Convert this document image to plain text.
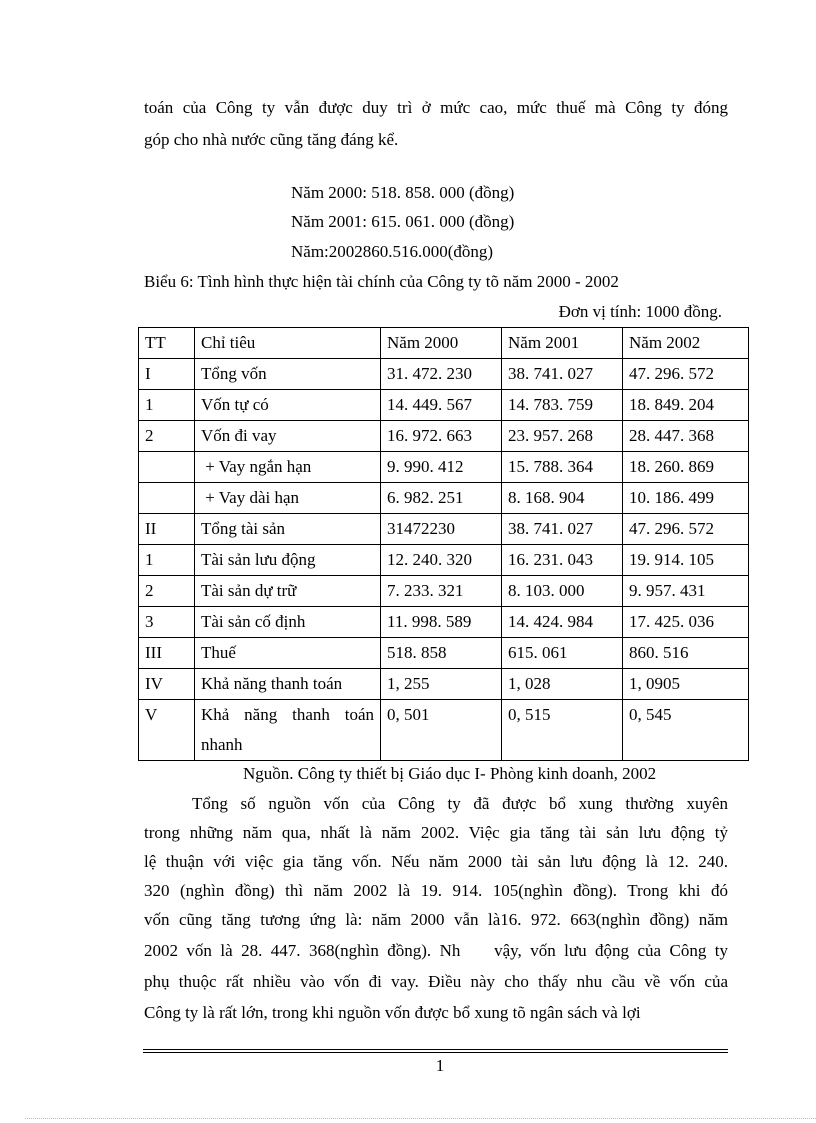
toán của Công ty vẫn được duy trì ở mức cao, mức thuế mà Công ty đóng
góp cho nhà nước cũng tăng đáng kể.
Năm 2000: 518. 858. 000 (đồng)
Năm 2001: 615. 061. 000 (đồng)
Năm:2002860.516.000(đồng)
Biểu 6: Tình hình thực hiện tài chính của Công ty tõ năm 2000 - 2002
Đơn vị tính: 1000 đồng.
TT	Chỉ tiêu	Năm 2000	Năm 2001	Năm 2002
I	Tổng vốn	31. 472. 230	38. 741. 027	47. 296. 572
1	Vốn tự có	14. 449. 567	14. 783. 759	18. 849. 204
2	Vốn đi vay	16. 972. 663	23. 957. 268	28. 447. 368
	+ Vay ngắn hạn	9. 990. 412	15. 788. 364	18. 260. 869
	+ Vay dài hạn	6. 982. 251	8. 168. 904	10. 186. 499
II	Tổng tài sản	31472230	38. 741. 027	47. 296. 572
1	Tài sản lưu động	12. 240. 320	16. 231. 043	19. 914. 105
2	Tài sản dự trữ	7. 233. 321	8. 103. 000	9. 957. 431
3	Tài sản cố định	11. 998. 589	14. 424. 984	17. 425. 036
III	Thuế	518. 858	615. 061	860. 516
IV	Khả năng thanh toán	1, 255	1, 028	1, 0905
V	Khả năng thanh toán nhanh	0, 501	0, 515	0, 545
Nguồn. Công ty thiết bị Giáo dục I- Phòng kinh doanh, 2002
Tổng số nguồn vốn của Công ty đã được bổ xung thường xuyên
trong những năm qua, nhất là năm 2002. Việc gia tăng tài sản lưu động tỷ
lệ thuận với việc gia tăng vốn. Nếu năm 2000 tài sản lưu động là 12. 240.
320 (nghìn đồng) thì năm 2002 là 19. 914. 105(nghìn đồng). Trong khi đó
vốn cũng tăng tương ứng là: năm 2000 vẫn là16. 972. 663(nghìn đồng) năm
2002 vốn là 28. 447. 368(nghìn đồng). Nh    vậy, vốn lưu động của Công ty
phụ thuộc rất nhiều vào vốn đi vay. Điều này cho thấy nhu cầu về vốn của
Công ty là rất lớn, trong khi nguồn vốn được bổ xung tõ ngân sách và lợi
1
